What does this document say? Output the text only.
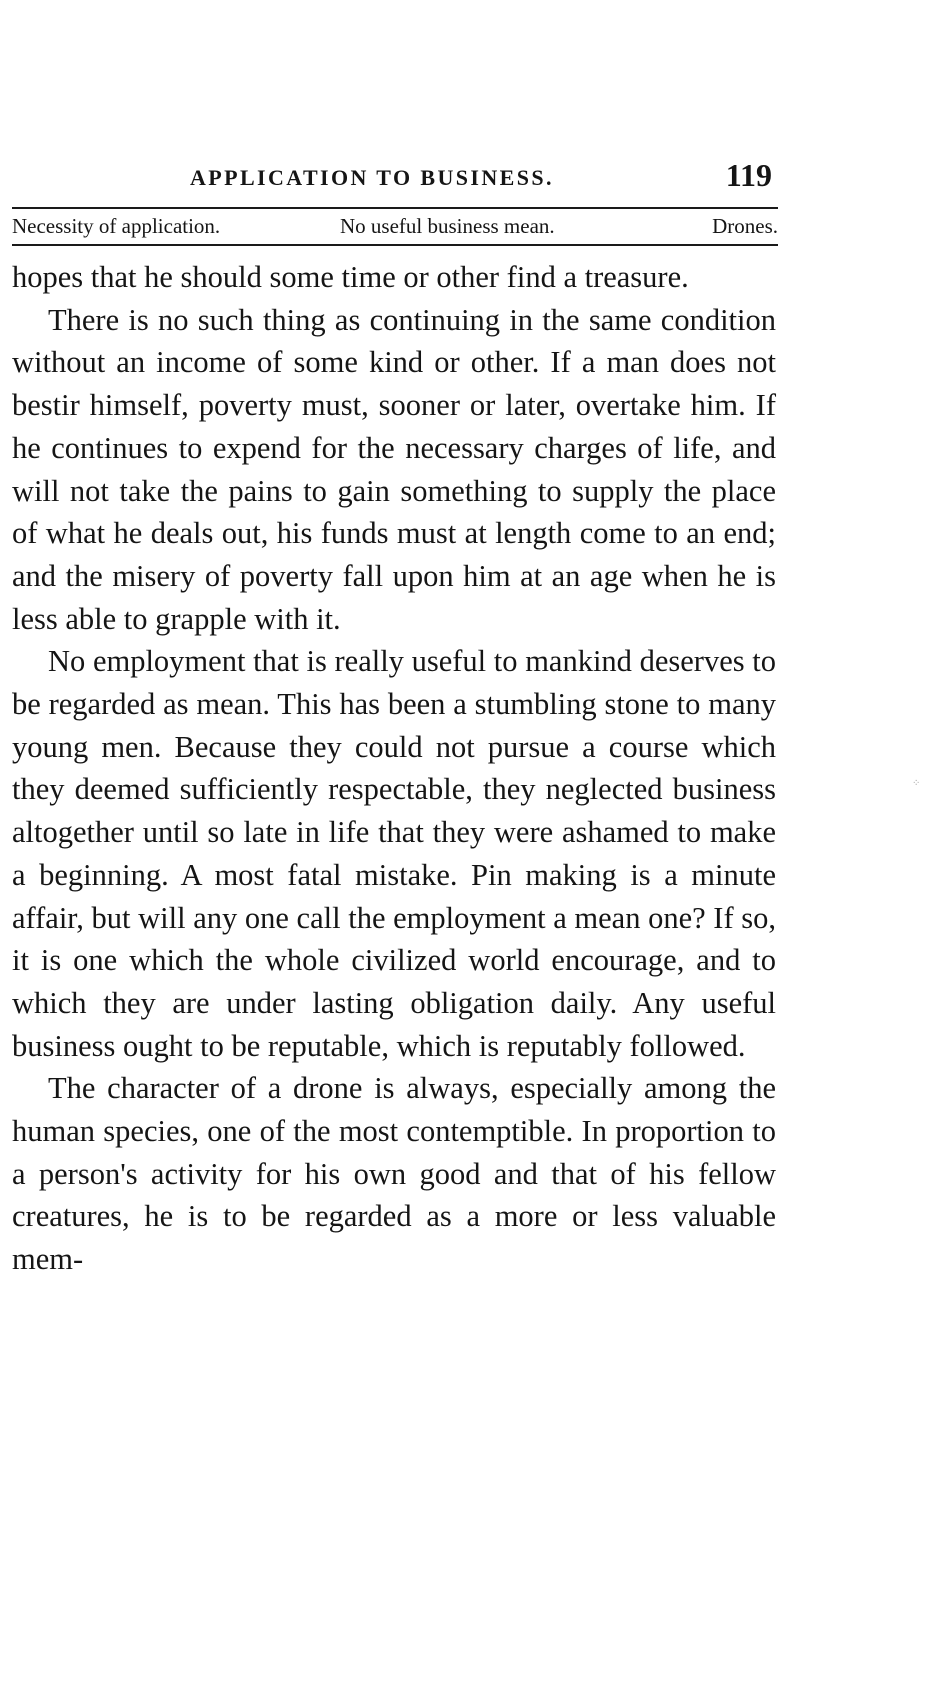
APPLICATION TO BUSINESS.	119
Necessity of application.	No useful business mean.	Drones.

hopes that he should some time or other find a treasure.

There is no such thing as continuing in the same condition without an income of some kind or other. If a man does not bestir himself, poverty must, sooner or later, overtake him. If he continues to expend for the necessary charges of life, and will not take the pains to gain something to supply the place of what he deals out, his funds must at length come to an end; and the misery of poverty fall upon him at an age when he is less able to grapple with it.

No employment that is really useful to mankind deserves to be regarded as mean. This has been a stumbling stone to many young men. Because they could not pursue a course which they deemed sufficiently respectable, they neglected business altogether until so late in life that they were ashamed to make a beginning. A most fatal mistake. Pin making is a minute affair, but will any one call the employment a mean one? If so, it is one which the whole civilized world encourage, and to which they are under lasting obligation daily. Any useful business ought to be reputable, which is reputably followed.

The character of a drone is always, especially among the human species, one of the most contemptible. In proportion to a person's activity for his own good and that of his fellow creatures, he is to be regarded as a more or less valuable mem-

⁘
